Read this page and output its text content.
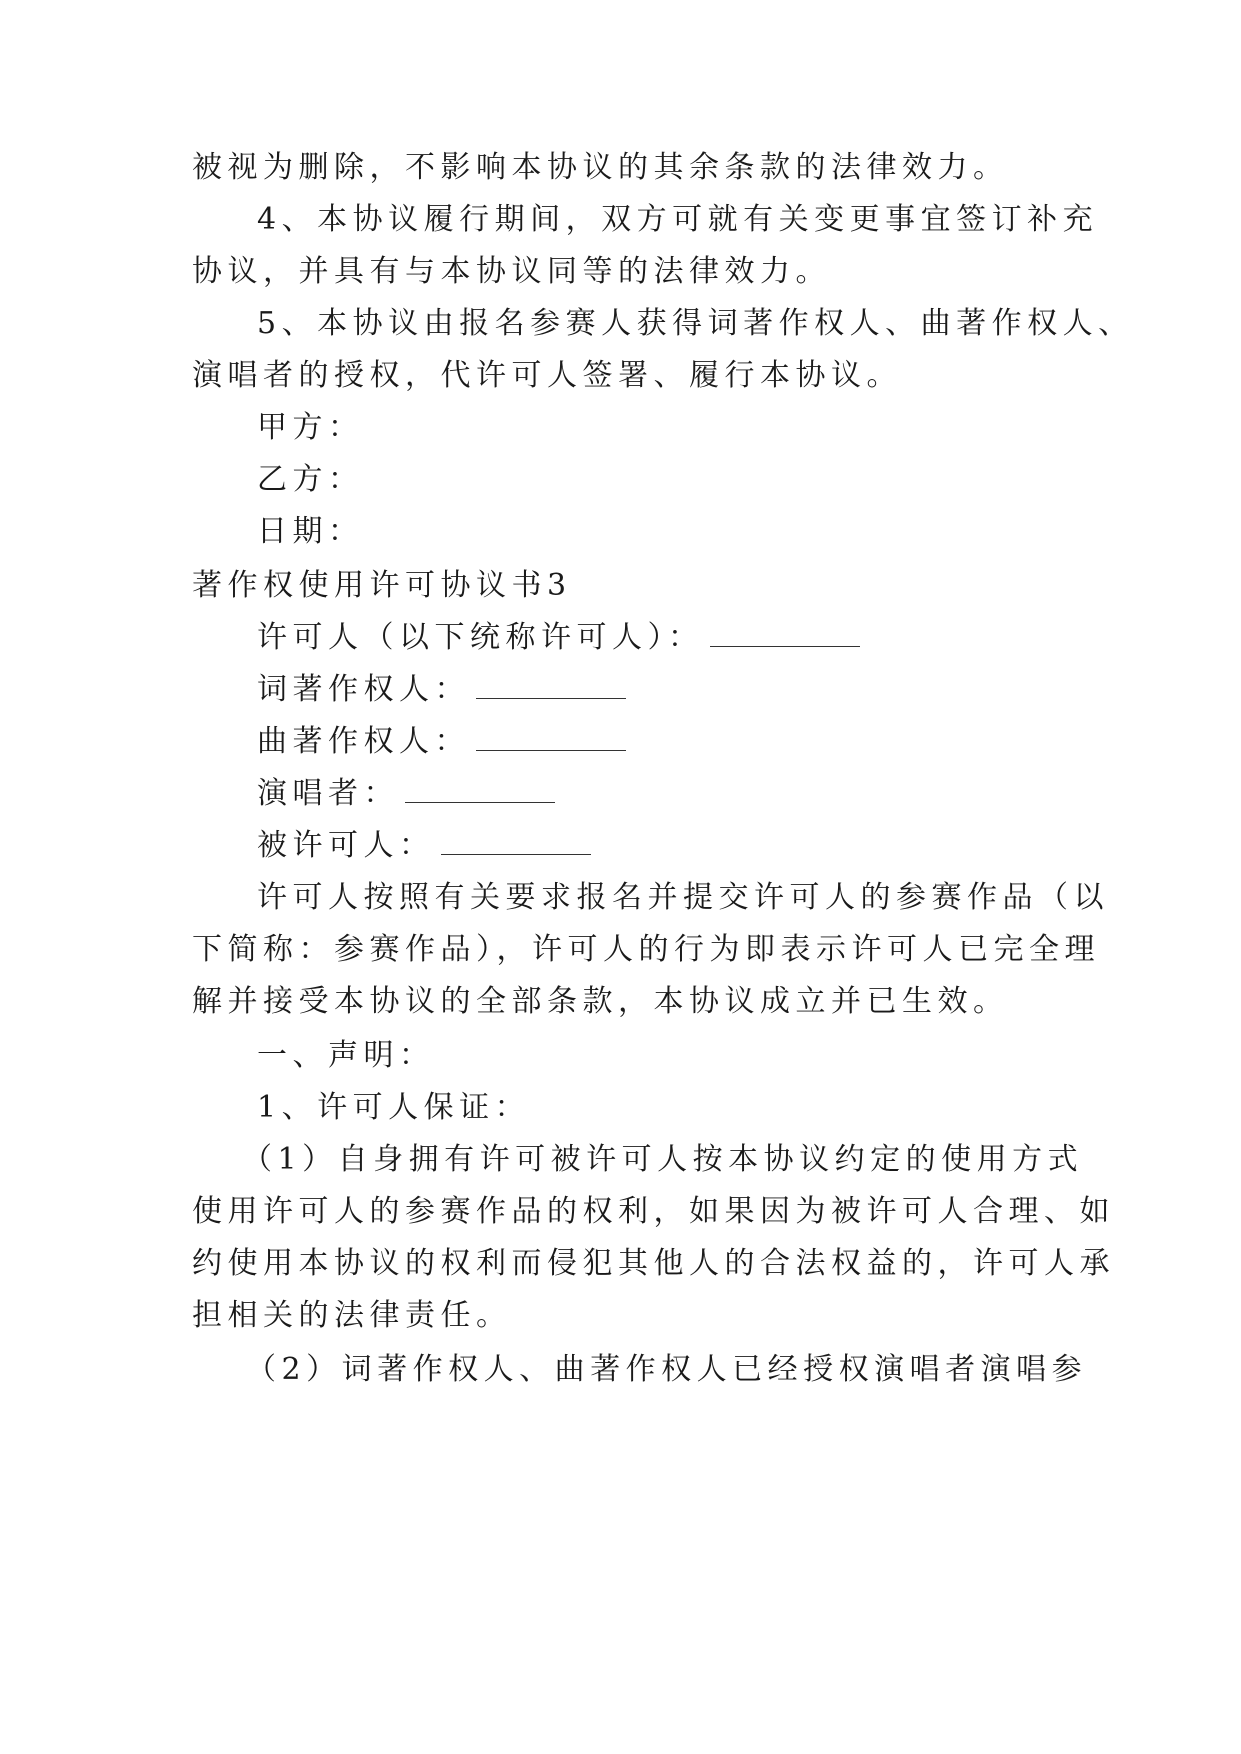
被视为删除，不影响本协议的其余条款的法律效力。
4、本协议履行期间，双方可就有关变更事宜签订补充
协议，并具有与本协议同等的法律效力。
5、本协议由报名参赛人获得词著作权人、曲著作权人、
演唱者的授权，代许可人签署、履行本协议。
甲方：
乙方：
日期：
著作权使用许可协议书3
许可人（以下统称许可人）：
词著作权人：
曲著作权人：
演唱者：
被许可人：
许可人按照有关要求报名并提交许可人的参赛作品（以
下简称：参赛作品），许可人的行为即表示许可人已完全理
解并接受本协议的全部条款，本协议成立并已生效。
一、声明：
1、许可人保证：
（1）自身拥有许可被许可人按本协议约定的使用方式
使用许可人的参赛作品的权利，如果因为被许可人合理、如
约使用本协议的权利而侵犯其他人的合法权益的，许可人承
担相关的法律责任。
（2）词著作权人、曲著作权人已经授权演唱者演唱参
